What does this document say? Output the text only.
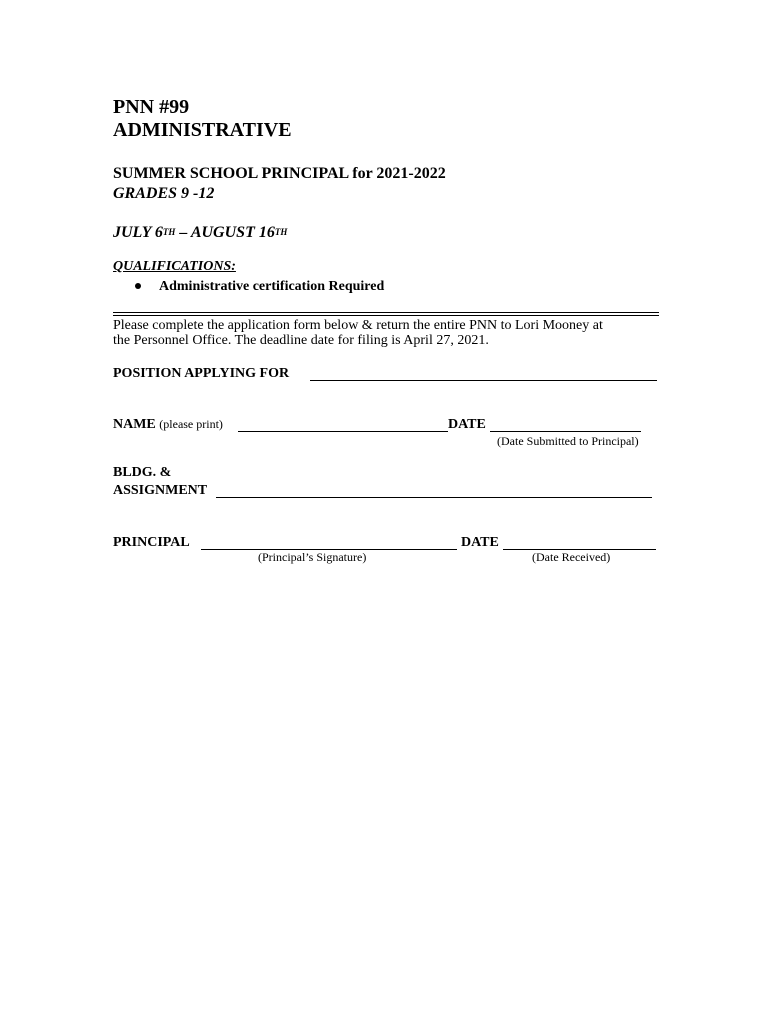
PNN #99
ADMINISTRATIVE
SUMMER SCHOOL PRINCIPAL for 2021-2022
GRADES 9 -12
JULY 6TH – AUGUST 16TH
QUALIFICATIONS:
Administrative certification Required
Please complete the application form below & return the entire PNN to Lori Mooney at
the Personnel Office. The deadline date for filing is April 27, 2021.
POSITION APPLYING FOR
NAME (please print)	DATE
(Date Submitted to Principal)
BLDG. &
ASSIGNMENT
PRINCIPAL
(Principal’s Signature)
DATE
(Date Received)
